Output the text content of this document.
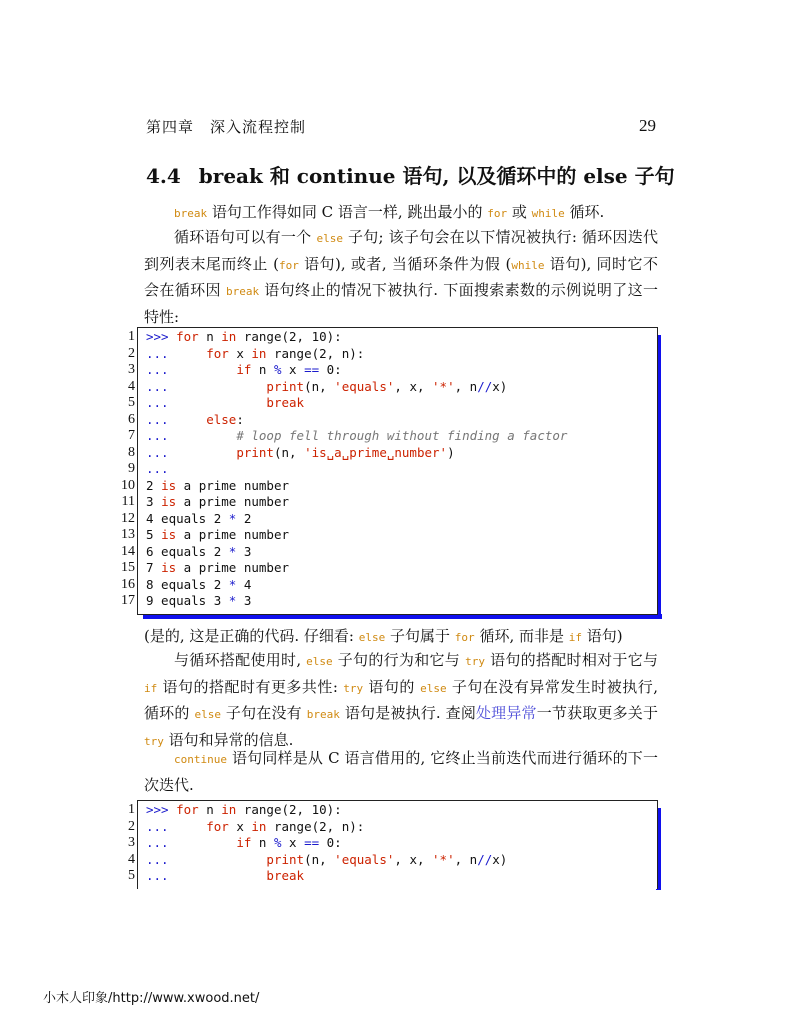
第四章　深入流程控制	29
4.4 break 和 continue 语句, 以及循环中的 else 子句
break 语句工作得如同 C 语言一样, 跳出最小的 for 或 while 循环.
循环语句可以有一个 else 子句; 该子句会在以下情况被执行: 循环因迭代到列表末尾而终止 (for 语句), 或者, 当循环条件为假 (while 语句), 同时它不会在循环因 break 语句终止的情况下被执行. 下面搜索素数的示例说明了这一特性:
1
2
3
4
5
6
7
8
9
10
11
12
13
14
15
16
17
>>> for n in range(2, 10):
...     for x in range(2, n):
...         if n % x == 0:
...             print(n, 'equals', x, '*', n//x)
...             break
...     else:
...         # loop fell through without finding a factor
...         print(n, 'is␣a␣prime␣number')
...
2 is a prime number
3 is a prime number
4 equals 2 * 2
5 is a prime number
6 equals 2 * 3
7 is a prime number
8 equals 2 * 4
9 equals 3 * 3
(是的, 这是正确的代码. 仔细看: else 子句属于 for 循环, 而非是 if 语句)
与循环搭配使用时, else 子句的行为和它与 try 语句的搭配时相对于它与 if 语句的搭配时有更多共性: try 语句的 else 子句在没有异常发生时被执行, 循环的 else 子句在没有 break 语句是被执行. 查阅处理异常一节获取更多关于 try 语句和异常的信息.
continue 语句同样是从 C 语言借用的, 它终止当前迭代而进行循环的下一次迭代.
1
2
3
4
5
>>> for n in range(2, 10):
...     for x in range(2, n):
...         if n % x == 0:
...             print(n, 'equals', x, '*', n//x)
...             break
小木人印象/http://www.xwood.net/
